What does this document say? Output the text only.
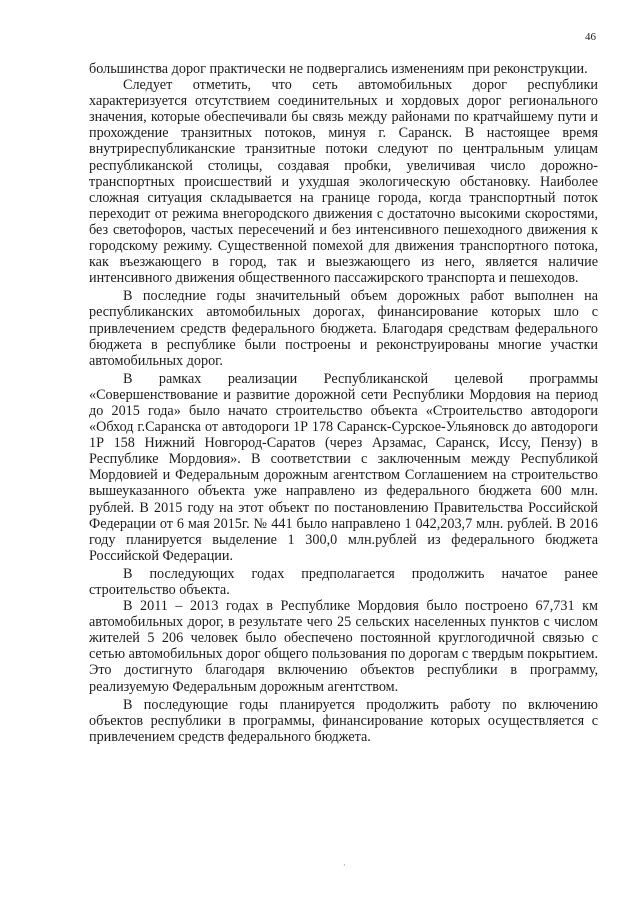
46

большинства дорог практически не подвергались изменениям при реконструкции.

Следует отметить, что сеть автомобильных дорог республики характеризуется отсутствием соединительных и хордовых дорог регионального значения, которые обеспечивали бы связь между районами по кратчайшему пути и прохождение транзитных потоков, минуя г. Саранск. В настоящее время внутриреспубликанские транзитные потоки следуют по центральным улицам республиканской столицы, создавая пробки, увеличивая число дорожно-транспортных происшествий и ухудшая экологическую обстановку. Наиболее сложная ситуация складывается на границе города, когда транспортный поток переходит от режима внегородского движения с достаточно высокими скоростями, без светофоров, частых пересечений и без интенсивного пешеходного движения к городскому режиму. Существенной помехой для движения транспортного потока, как въезжающего в город, так и выезжающего из него, является наличие интенсивного движения общественного пассажирского транспорта и пешеходов.

В последние годы значительный объем дорожных работ выполнен на республиканских автомобильных дорогах, финансирование которых шло с привлечением средств федерального бюджета. Благодаря средствам федерального бюджета в республике были построены и реконструированы многие участки автомобильных дорог.

В рамках реализации Республиканской целевой программы «Совершенствование и развитие дорожной сети Республики Мордовия на период до 2015 года» было начато строительство объекта «Строительство автодороги «Обход г.Саранска от автодороги 1Р 178 Саранск-Сурское-Ульяновск до автодороги 1Р 158 Нижний Новгород-Саратов (через Арзамас, Саранск, Иссу, Пензу) в Республике Мордовия». В соответствии с заключенным между Республикой Мордовией и Федеральным дорожным агентством Соглашением на строительство вышеуказанного объекта уже направлено из федерального бюджета 600 млн. рублей. В 2015 году на этот объект по постановлению Правительства Российской Федерации от 6 мая 2015г. № 441 было направлено 1 042,203,7 млн. рублей. В 2016 году планируется выделение 1 300,0 млн.рублей из федерального бюджета Российской Федерации.

В последующих годах предполагается продолжить начатое ранее строительство объекта.

В 2011 – 2013 годах в Республике Мордовия было построено 67,731 км автомобильных дорог, в результате чего 25 сельских населенных пунктов с числом жителей 5 206 человек было обеспечено постоянной круглогодичной связью с сетью автомобильных дорог общего пользования по дорогам с твердым покрытием. Это достигнуто благодаря включению объектов республики в программу, реализуемую Федеральным дорожным агентством.

В последующие годы планируется продолжить работу по включению объектов республики в программы, финансирование которых осуществляется с привлечением средств федерального бюджета.

·
